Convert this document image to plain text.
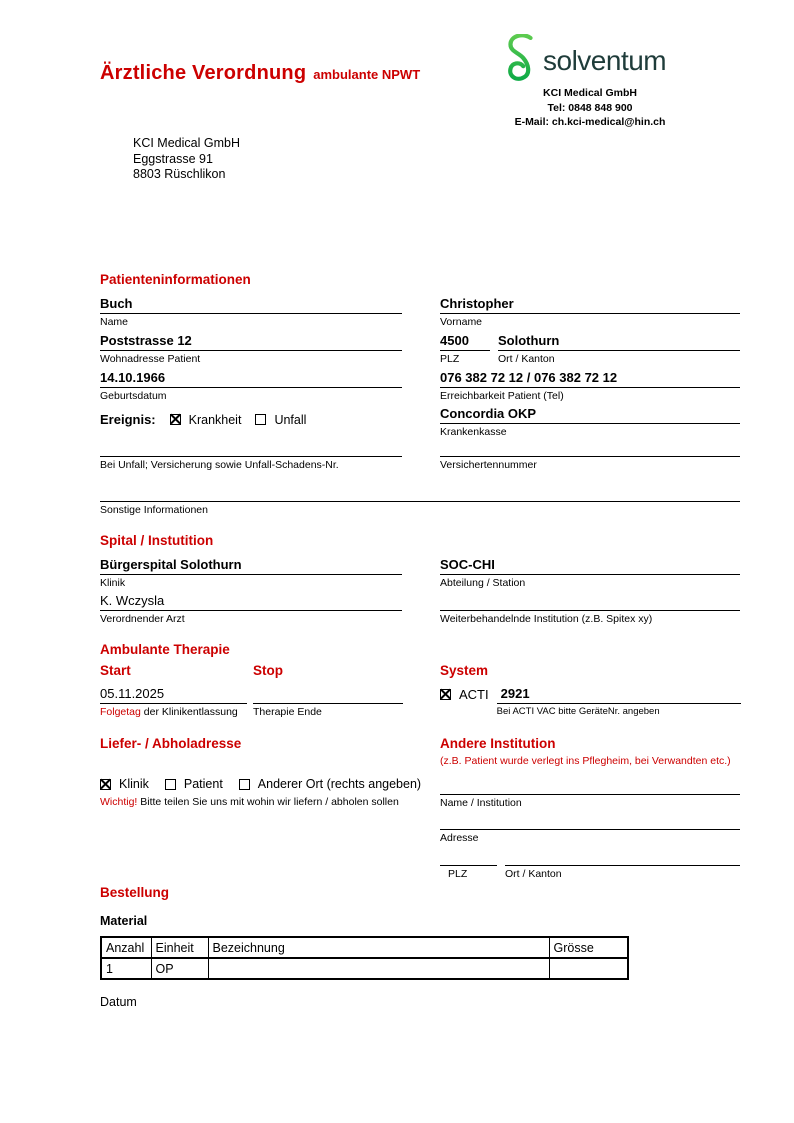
Ärztliche Verordnung ambulante NPWT	solventum
KCI Medical GmbH
Tel: 0848 848 900
E-Mail: ch.kci-medical@hin.ch
KCI Medical GmbH
Eggstrasse 91
8803 Rüschlikon
Patienteninformationen
Buch
Name
Christopher
Vorname
Poststrasse 12
Wohnadresse Patient
4500
PLZ
Solothurn
Ort / Kanton
14.10.1966
Geburtsdatum
076 382 72 12 / 076 382 72 12
Erreichbarkeit Patient (Tel)
Ereignis:	Krankheit	Unfall	Concordia OKP
Krankenkasse
Bei Unfall; Versicherung sowie Unfall-Schadens-Nr.	Versichertennummer
Sonstige Informationen
Spital / Instutition
Bürgerspital Solothurn
Klinik
SOC-CHI
Abteilung / Station
K. Wczysla
Verordnender Arzt	Weiterbehandelnde Institution (z.B. Spitex xy)
Ambulante Therapie
Start	Stop	System
05.11.2025
Folgetag der Klinikentlassung	Therapie Ende
ACTI 2921
Bei ACTI VAC bitte GeräteNr. angeben
Liefer- / Abholadresse	Andere Institution
(z.B. Patient wurde verlegt ins Pflegheim, bei Verwandten etc.)
Klinik	Patient	Anderer Ort (rechts angeben)
Wichtig! Bitte teilen Sie uns mit wohin wir liefern / abholen sollen	Name / Institution
Adresse
PLZ	Ort / Kanton
Bestellung
Material
Anzahl	Einheit	Bezeichnung	Grösse
1	OP		
Datum
